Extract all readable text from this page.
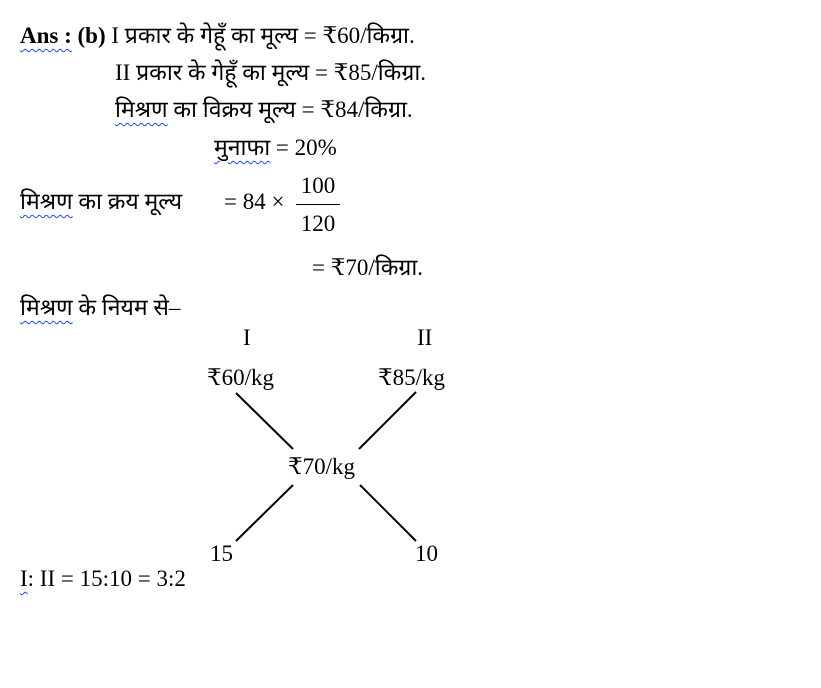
Ans : (b) I प्रकार के गेहूँ का मूल्य = ₹60/किग्रा.
II प्रकार के गेहूँ का मूल्य = ₹85/किग्रा.
मिश्रण का विक्रय मूल्य = ₹84/किग्रा.
मुनाफा = 20%
मिश्रण का क्रय मूल्य = $84 \times \frac{100}{120}$
= ₹70/किग्रा.
मिश्रण के नियम से–
I	II
₹60/kg	₹85/kg
₹70/kg
15	10
I: II = 15:10 = 3:2
